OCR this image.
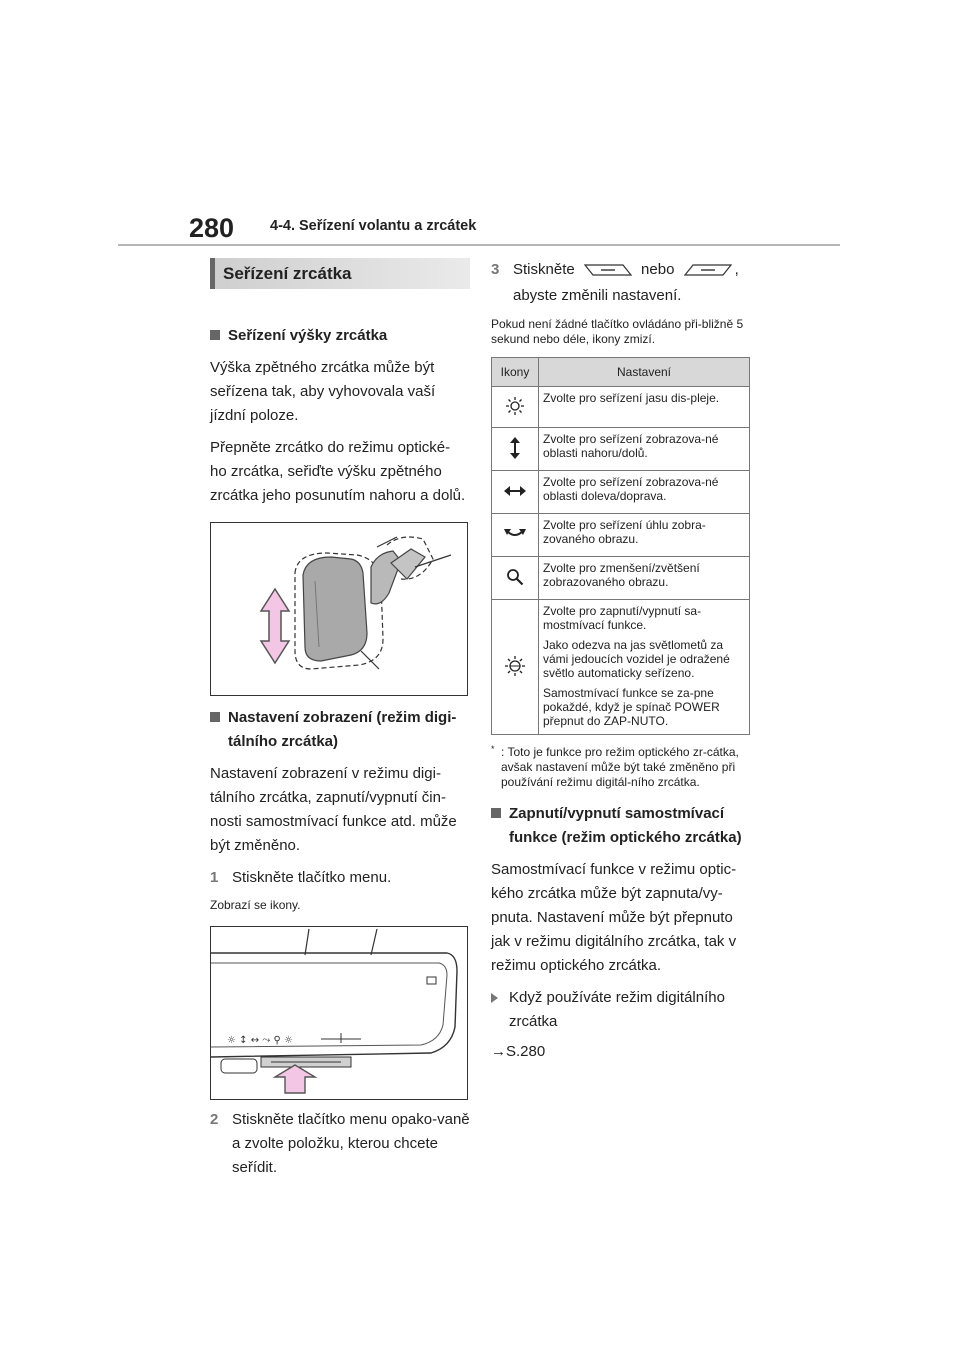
280 4-4. Seřízení volantu a zrcátek
Seřízení zrcátka
Seřízení výšky zrcátka
Výška zpětného zrcátka může být seřízena tak, aby vyhovovala vaší jízdní poloze.
Přepněte zrcátko do režimu optické-ho zrcátka, seřiďte výšku zpětného zrcátka jeho posunutím nahoru a dolů.
Nastavení zobrazení (režim digi-tálního zrcátka)
Nastavení zobrazení v režimu digi-tálního zrcátka, zapnutí/vypnutí čin-nosti samostmívací funkce atd. může být změněno.
1 Stiskněte tlačítko menu.
Zobrazí se ikony.
☼ ↕ ↔ ⤳ ⚲ ☼
2 Stiskněte tlačítko menu opako-vaně a zvolte položku, kterou chcete seřídit.
3 Stiskněte	nebo	,
abyste změnili nastavení.
Pokud není žádné tlačítko ovládáno při-bližně 5 sekund nebo déle, ikony zmizí.
Ikony	Nastavení

Zvolte pro seřízení jasu dis-pleje.

Zvolte pro seřízení zobrazova-né oblasti nahoru/dolů.

Zvolte pro seřízení zobrazova-né oblasti doleva/doprava.

Zvolte pro seřízení úhlu zobra-zovaného obrazu.

Zvolte pro zmenšení/zvětšení zobrazovaného obrazu.

Zvolte pro zapnutí/vypnutí sa-mostmívací funkce.
Jako odezva na jas světlometů za vámi jedoucích vozidel je odražené světlo automaticky seřízeno.
Samostmívací funkce se za-pne pokaždé, když je spínač POWER přepnut do ZAP-NUTO.
* : Toto je funkce pro režim optického zr-cátka, avšak nastavení může být také změněno při používání režimu digitál-ního zrcátka.
Zapnutí/vypnutí samostmívací funkce (režim optického zrcátka)
Samostmívací funkce v režimu optic-kého zrcátka může být zapnuta/vy-pnuta. Nastavení může být přepnuto jak v režimu digitálního zrcátka, tak v režimu optického zrcátka.
Když používáte režim digitálního zrcátka
→S.280
